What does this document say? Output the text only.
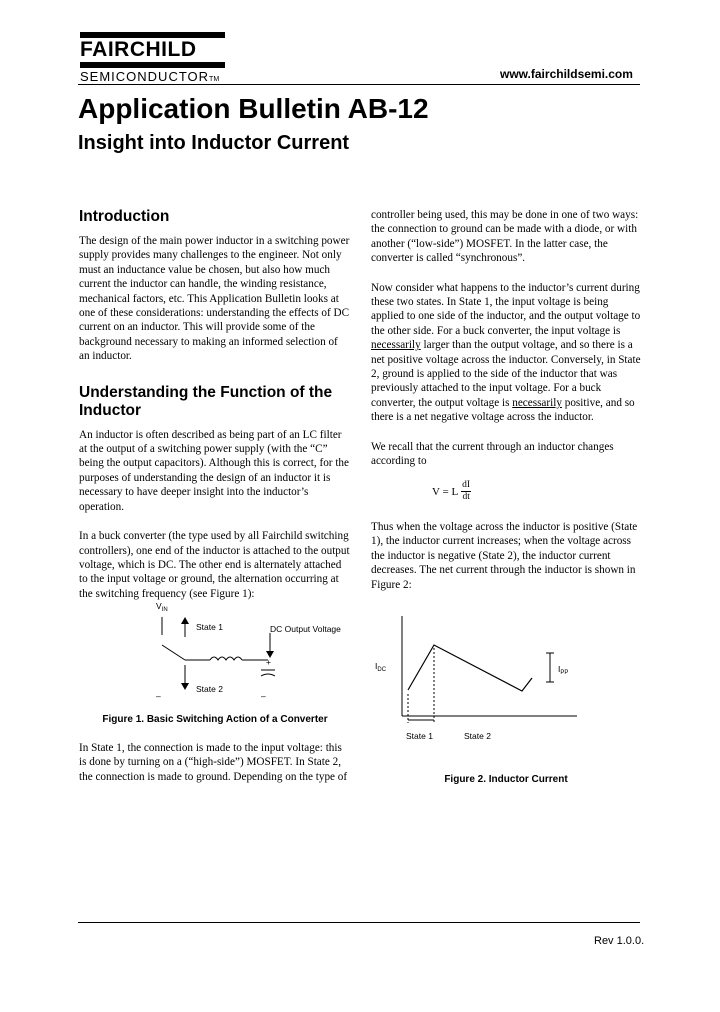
FAIRCHILD
SEMICONDUCTORTM	www.fairchildsemi.com
Application Bulletin AB-12
Insight into Inductor Current
Introduction

The design of the main power inductor in a switching power supply provides many challenges to the engineer. Not only must an inductance value be chosen, but also how much current the inductor can handle, the winding resistance, mechanical factors, etc. This Application Bulletin looks at one of these considerations: understanding the effects of DC current on an inductor. This will provide some of the background necessary to making an informed selection of an inductor.

Understanding the Function of the Inductor

An inductor is often described as being part of an LC filter at the output of a switching power supply (with the “C” being the output capacitors). Although this is correct, for the purposes of understanding the design of an inductor it is necessary to have deeper insight into the inductor’s operation.

In a buck converter (the type used by all Fairchild switching controllers), one end of the inductor is attached to the output voltage, which is DC. The other end is alternately attached to the input voltage or ground, the alternation occurring at the switching frequency (see Figure 1):

$V_{IN}$
+
State 1
State 2
DC Output Voltage
–	–
Figure 1. Basic Switching Action of a Converter

In State 1, the connection is made to the input voltage: this is done by turning on a (“high-side”) MOSFET. In State 2, the connection is made to ground. Depending on the type of

controller being used, this may be done in one of two ways: the connection to ground can be made with a diode, or with another (“low-side”) MOSFET. In the latter case, the converter is called “synchronous”.

Now consider what happens to the inductor’s current during these two states. In State 1, the input voltage is being applied to one side of the inductor, and the output voltage to the other side. For a buck converter, the input voltage is necessarily larger than the output voltage, and so there is a net positive voltage across the inductor. Conversely, in State 2, ground is applied to the side of the inductor that was previously attached to the input voltage. For a buck converter, the output voltage is necessarily positive, and so there is a net negative voltage across the inductor.

We recall that the current through an inductor changes according to

V = L $\frac{dI}{dt}$

Thus when the voltage across the inductor is positive (State 1), the inductor current increases; when the voltage across the inductor is negative (State 2), the inductor current decreases. The net current through the inductor is shown in Figure 2:

$I_{DC}$	$I_{PP}$
State 1	State 2
Figure 2. Inductor Current
Rev 1.0.0.
